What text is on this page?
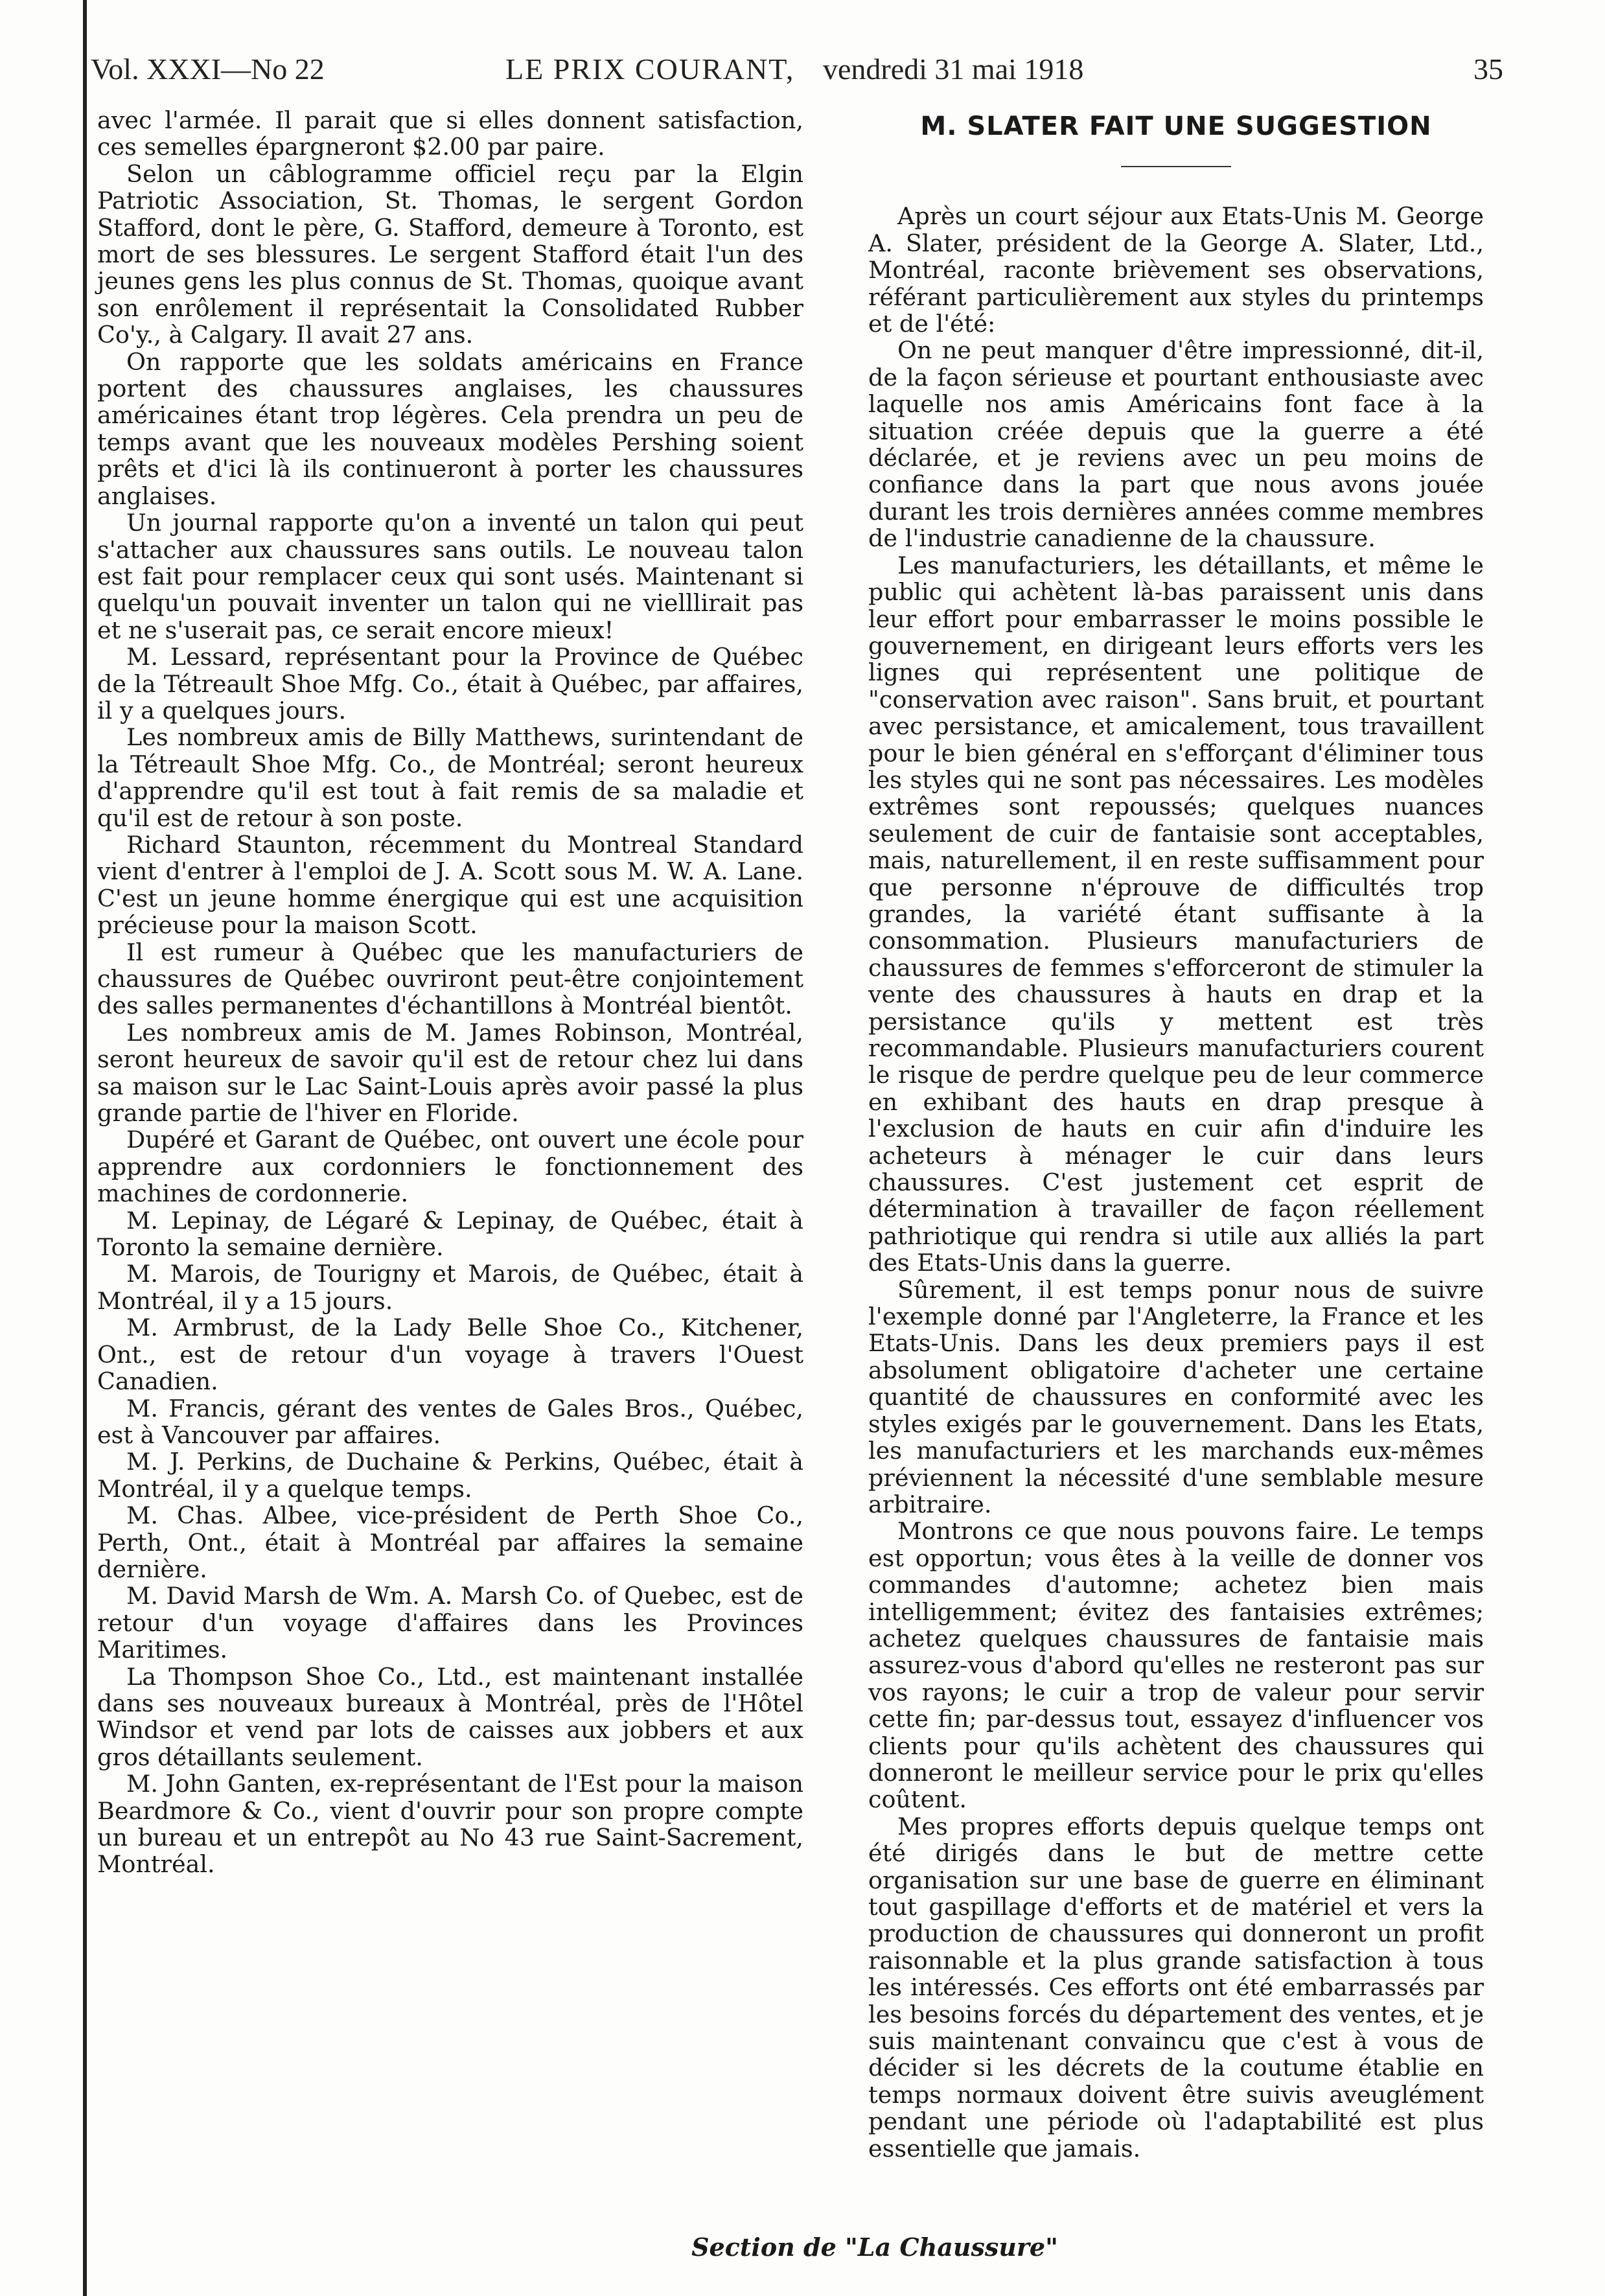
Vol. XXXI—No 22	LE PRIX COURANT, vendredi 31 mai 1918	35

avec l'armée. Il parait que si elles donnent satisfaction, ces semelles épargneront $2.00 par paire.

Selon un câblogramme officiel reçu par la Elgin Patriotic Association, St. Thomas, le sergent Gordon Stafford, dont le père, G. Stafford, demeure à Toronto, est mort de ses blessures. Le sergent Stafford était l'un des jeunes gens les plus connus de St. Thomas, quoique avant son enrôlement il représentait la Consolidated Rubber Co'y., à Calgary. Il avait 27 ans.

On rapporte que les soldats américains en France portent des chaussures anglaises, les chaussures américaines étant trop légères. Cela prendra un peu de temps avant que les nouveaux modèles Pershing soient prêts et d'ici là ils continueront à porter les chaussures anglaises.

Un journal rapporte qu'on a inventé un talon qui peut s'attacher aux chaussures sans outils. Le nouveau talon est fait pour remplacer ceux qui sont usés. Maintenant si quelqu'un pouvait inventer un talon qui ne vielllirait pas et ne s'userait pas, ce serait encore mieux!

M. Lessard, représentant pour la Province de Québec de la Tétreault Shoe Mfg. Co., était à Québec, par affaires, il y a quelques jours.

Les nombreux amis de Billy Matthews, surintendant de la Tétreault Shoe Mfg. Co., de Montréal; seront heureux d'apprendre qu'il est tout à fait remis de sa maladie et qu'il est de retour à son poste.

Richard Staunton, récemment du Montreal Standard vient d'entrer à l'emploi de J. A. Scott sous M. W. A. Lane. C'est un jeune homme énergique qui est une acquisition précieuse pour la maison Scott.

Il est rumeur à Québec que les manufacturiers de chaussures de Québec ouvriront peut-être conjointement des salles permanentes d'échantillons à Montréal bientôt.

Les nombreux amis de M. James Robinson, Montréal, seront heureux de savoir qu'il est de retour chez lui dans sa maison sur le Lac Saint-Louis après avoir passé la plus grande partie de l'hiver en Floride.

Dupéré et Garant de Québec, ont ouvert une école pour apprendre aux cordonniers le fonctionnement des machines de cordonnerie.

M. Lepinay, de Légaré & Lepinay, de Québec, était à Toronto la semaine dernière.

M. Marois, de Tourigny et Marois, de Québec, était à Montréal, il y a 15 jours.

M. Armbrust, de la Lady Belle Shoe Co., Kitchener, Ont., est de retour d'un voyage à travers l'Ouest Canadien.

M. Francis, gérant des ventes de Gales Bros., Québec, est à Vancouver par affaires.

M. J. Perkins, de Duchaine & Perkins, Québec, était à Montréal, il y a quelque temps.

M. Chas. Albee, vice-président de Perth Shoe Co., Perth, Ont., était à Montréal par affaires la semaine dernière.

M. David Marsh de Wm. A. Marsh Co. of Quebec, est de retour d'un voyage d'affaires dans les Provinces Maritimes.

La Thompson Shoe Co., Ltd., est maintenant installée dans ses nouveaux bureaux à Montréal, près de l'Hôtel Windsor et vend par lots de caisses aux jobbers et aux gros détaillants seulement.

M. John Ganten, ex-représentant de l'Est pour la maison Beardmore & Co., vient d'ouvrir pour son propre compte un bureau et un entrepôt au No 43 rue Saint-Sacrement, Montréal.

M. SLATER FAIT UNE SUGGESTION

Après un court séjour aux Etats-Unis M. George A. Slater, président de la George A. Slater, Ltd., Montréal, raconte brièvement ses observations, référant particulièrement aux styles du printemps et de l'été:

On ne peut manquer d'être impressionné, dit-il, de la façon sérieuse et pourtant enthousiaste avec laquelle nos amis Américains font face à la situation créée depuis que la guerre a été déclarée, et je reviens avec un peu moins de confiance dans la part que nous avons jouée durant les trois dernières années comme membres de l'industrie canadienne de la chaussure.

Les manufacturiers, les détaillants, et même le public qui achètent là-bas paraissent unis dans leur effort pour embarrasser le moins possible le gouvernement, en dirigeant leurs efforts vers les lignes qui représentent une politique de "conservation avec raison". Sans bruit, et pourtant avec persistance, et amicalement, tous travaillent pour le bien général en s'efforçant d'éliminer tous les styles qui ne sont pas nécessaires. Les modèles extrêmes sont repoussés; quelques nuances seulement de cuir de fantaisie sont acceptables, mais, naturellement, il en reste suffisamment pour que personne n'éprouve de difficultés trop grandes, la variété étant suffisante à la consommation. Plusieurs manufacturiers de chaussures de femmes s'efforceront de stimuler la vente des chaussures à hauts en drap et la persistance qu'ils y mettent est très recommandable. Plusieurs manufacturiers courent le risque de perdre quelque peu de leur commerce en exhibant des hauts en drap presque à l'exclusion de hauts en cuir afin d'induire les acheteurs à ménager le cuir dans leurs chaussures. C'est justement cet esprit de détermination à travailler de façon réellement pathriotique qui rendra si utile aux alliés la part des Etats-Unis dans la guerre.

Sûrement, il est temps ponur nous de suivre l'exemple donné par l'Angleterre, la France et les Etats-Unis. Dans les deux premiers pays il est absolument obligatoire d'acheter une certaine quantité de chaussures en conformité avec les styles exigés par le gouvernement. Dans les Etats, les manufacturiers et les marchands eux-mêmes préviennent la nécessité d'une semblable mesure arbitraire.

Montrons ce que nous pouvons faire. Le temps est opportun; vous êtes à la veille de donner vos commandes d'automne; achetez bien mais intelligemment; évitez des fantaisies extrêmes; achetez quelques chaussures de fantaisie mais assurez-vous d'abord qu'elles ne resteront pas sur vos rayons; le cuir a trop de valeur pour servir cette fin; par-dessus tout, essayez d'influencer vos clients pour qu'ils achètent des chaussures qui donneront le meilleur service pour le prix qu'elles coûtent.

Mes propres efforts depuis quelque temps ont été dirigés dans le but de mettre cette organisation sur une base de guerre en éliminant tout gaspillage d'efforts et de matériel et vers la production de chaussures qui donneront un profit raisonnable et la plus grande satisfaction à tous les intéressés. Ces efforts ont été embarrassés par les besoins forcés du département des ventes, et je suis maintenant convaincu que c'est à vous de décider si les décrets de la coutume établie en temps normaux doivent être suivis aveuglément pendant une période où l'adaptabilité est plus essentielle que jamais.

Section de "La Chaussure"
